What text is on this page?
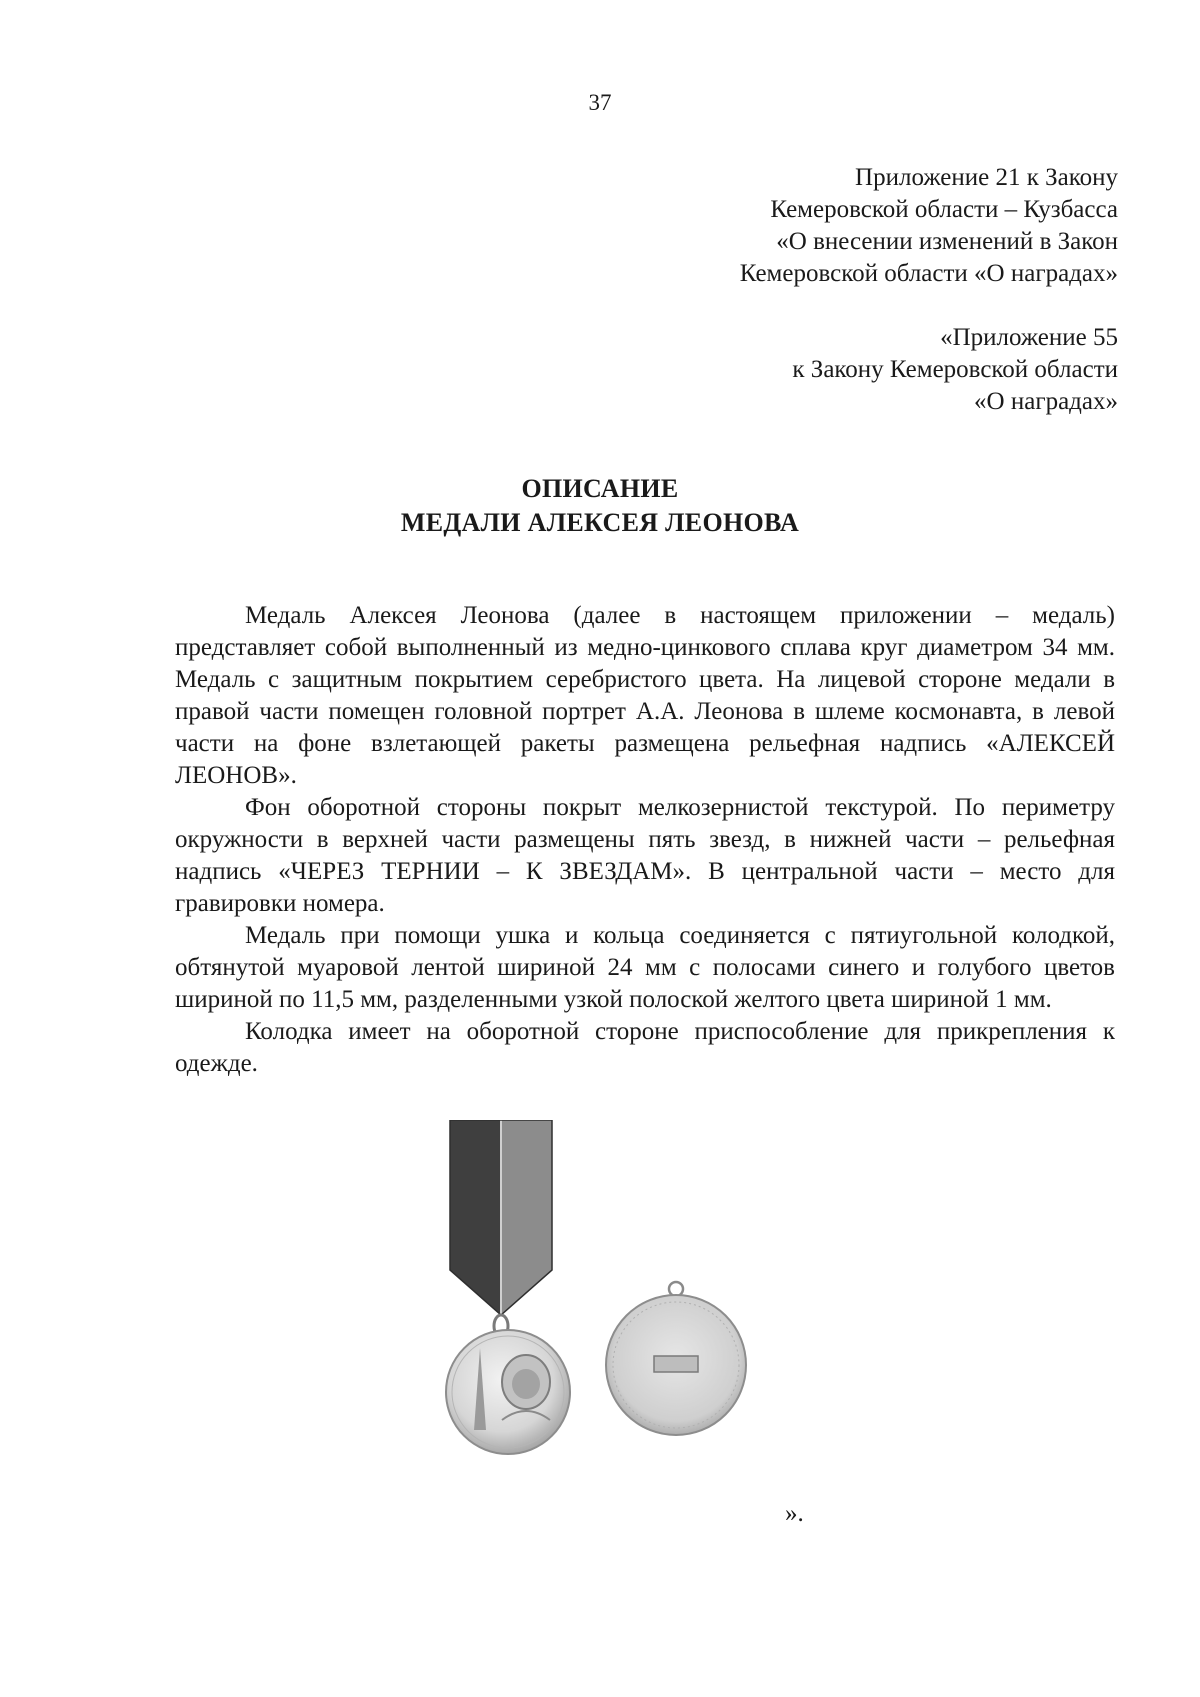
37
Приложение 21 к Закону
Кемеровской области – Кузбасса
«О внесении изменений в Закон
Кемеровской области «О наградах»
«Приложение 55
к Закону Кемеровской области
«О наградах»
ОПИСАНИЕ
МЕДАЛИ АЛЕКСЕЯ ЛЕОНОВА

Медаль Алексея Леонова (далее в настоящем приложении – медаль) представляет собой выполненный из медно-цинкового сплава круг диаметром 34 мм. Медаль с защитным покрытием серебристого цвета. На лицевой стороне медали в правой части помещен головной портрет А.А. Леонова в шлеме космонавта, в левой части на фоне взлетающей ракеты размещена рельефная надпись «АЛЕКСЕЙ ЛЕОНОВ».

Фон оборотной стороны покрыт мелкозернистой текстурой. По периметру окружности в верхней части размещены пять звезд, в нижней части – рельефная надпись «ЧЕРЕЗ ТЕРНИИ – К ЗВЕЗДАМ». В центральной части – место для гравировки номера.

Медаль при помощи ушка и кольца соединяется с пятиугольной колодкой, обтянутой муаровой лентой шириной 24 мм с полосами синего и голубого цветов шириной по 11,5 мм, разделенными узкой полоской желтого цвета шириной 1 мм.

Колодка имеет на оборотной стороне приспособление для прикрепления к одежде.

».
